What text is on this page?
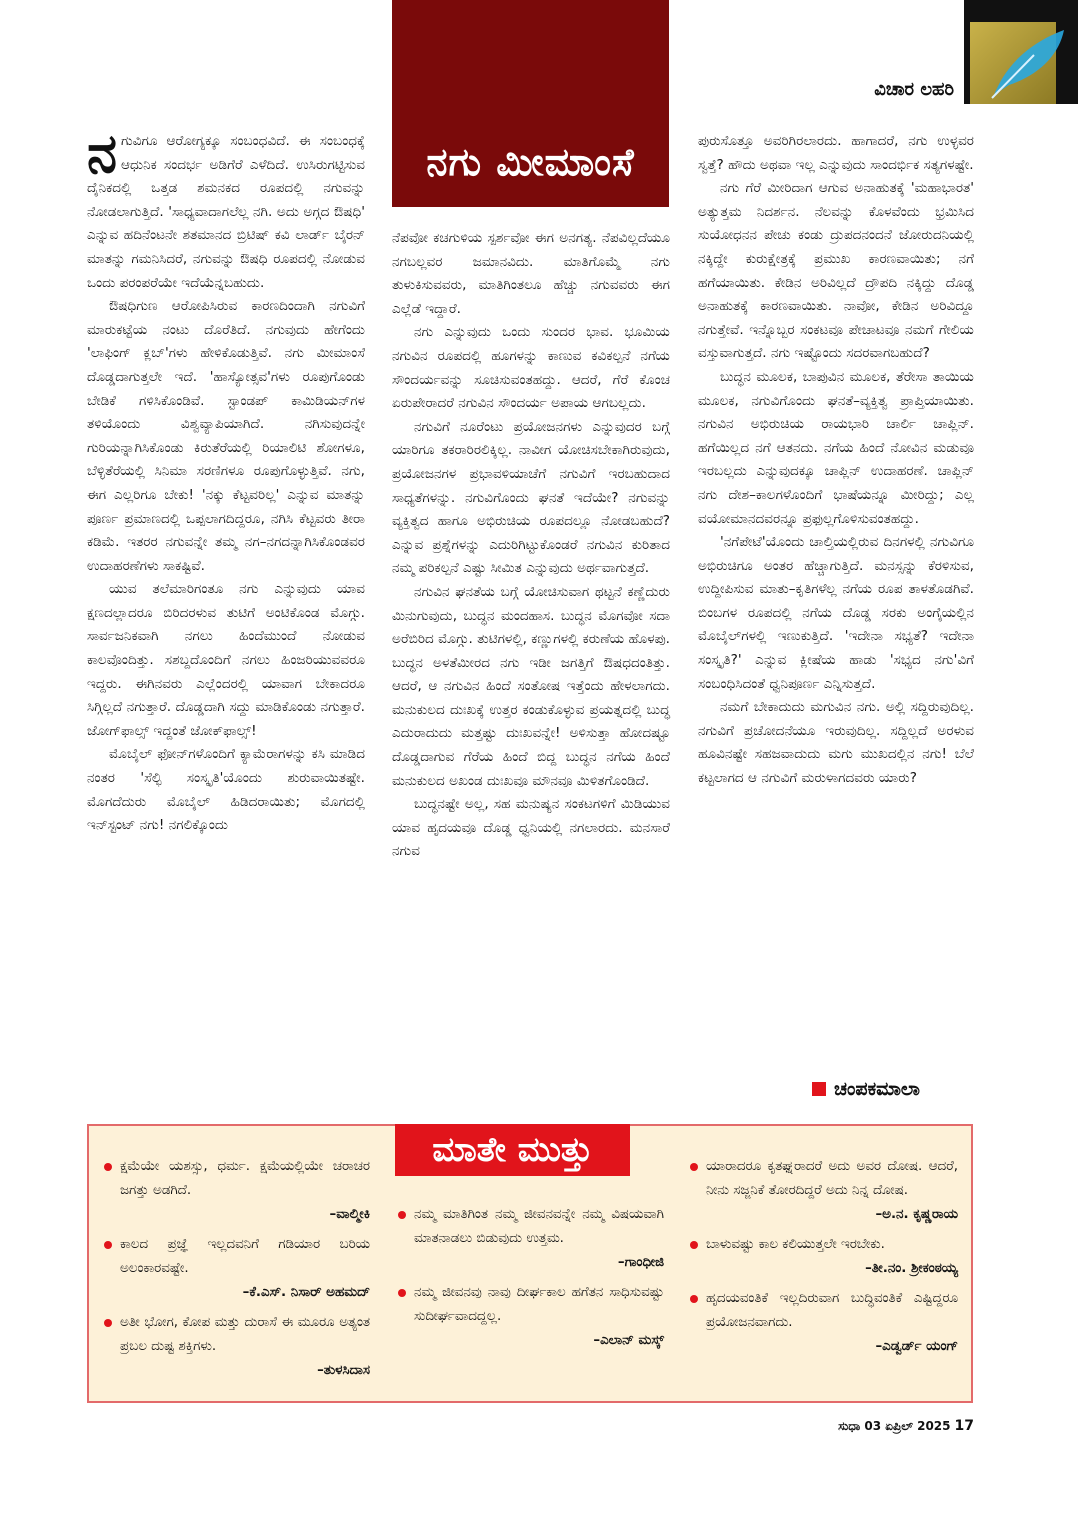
ನಗು ಮೀಮಾಂಸೆ
ವಿಚಾರ ಲಹರಿ

ನಗುವಿಗೂ ಆರೋಗ್ಯಕ್ಕೂ ಸಂಬಂಧವಿದೆ. ಈ ಸಂಬಂಧಕ್ಕೆ ಆಧುನಿಕ ಸಂದರ್ಭ ಅಡಿಗೆರೆ ಎಳೆದಿದೆ. ಉಸಿರುಗಟ್ಟಿಸುವ ದೈನಿಕದಲ್ಲಿ ಒತ್ತಡ ಶಮನಕದ ರೂಪದಲ್ಲಿ ನಗುವನ್ನು ನೋಡಲಾಗುತ್ತಿದೆ. 'ಸಾಧ್ಯವಾದಾಗಲೆಲ್ಲ ನಗಿ. ಅದು ಅಗ್ಗದ ಔಷಧಿ' ಎನ್ನುವ ಹದಿನೆಂಟನೇ ಶತಮಾನದ ಬ್ರಿಟಿಷ್ ಕವಿ ಲಾರ್ಡ್ ಬೈರನ್ ಮಾತನ್ನು ಗಮನಿಸಿದರೆ, ನಗುವನ್ನು ಔಷಧಿ ರೂಪದಲ್ಲಿ ನೋಡುವ ಒಂದು ಪರಂಪರೆಯೇ ಇದೆಯೆನ್ನಬಹುದು.

ಔಷಧಿಗುಣ ಆರೋಪಿಸಿರುವ ಕಾರಣದಿಂದಾಗಿ ನಗುವಿಗೆ ಮಾರುಕಟ್ಟೆಯ ನಂಟು ದೊರೆತಿದೆ. ನಗುವುದು ಹೇಗೆಂದು 'ಲಾಫಿಂಗ್ ಕ್ಲಬ್'ಗಳು ಹೇಳಿಕೊಡುತ್ತಿವೆ. ನಗು ಮೀಮಾಂಸೆ ದೊಡ್ಡದಾಗುತ್ತಲೇ ಇದೆ. 'ಹಾಸ್ಯೋತ್ಸವ'ಗಳು ರೂಪುಗೊಂಡು ಬೇಡಿಕೆ ಗಳಿಸಿಕೊಂಡಿವೆ. ಸ್ಟಾಂಡಪ್ ಕಾಮಿಡಿಯನ್‌ಗಳ ತಳಿಯೊಂದು ವಿಶ್ವವ್ಯಾಪಿಯಾಗಿದೆ. ನಗಿಸುವುದನ್ನೇ ಗುರಿಯನ್ನಾಗಿಸಿಕೊಂಡು ಕಿರುತೆರೆಯಲ್ಲಿ ರಿಯಾಲಿಟಿ ಶೋಗಳೂ, ಬೆಳ್ಳಿತೆರೆಯಲ್ಲಿ ಸಿನಿಮಾ ಸರಣಿಗಳೂ ರೂಪುಗೊಳ್ಳುತ್ತಿವೆ. ನಗು, ಈಗ ಎಲ್ಲರಿಗೂ ಬೇಕು! 'ನಕ್ಕು ಕೆಟ್ಟವರಿಲ್ಲ' ಎನ್ನುವ ಮಾತನ್ನು ಪೂರ್ಣ ಪ್ರಮಾಣದಲ್ಲಿ ಒಪ್ಪಲಾಗದಿದ್ದರೂ, ನಗಿಸಿ ಕೆಟ್ಟವರು ತೀರಾ ಕಡಿಮೆ. ಇತರರ ನಗುವನ್ನೇ ತಮ್ಮ ನಗ–ನಗದನ್ನಾಗಿಸಿಕೊಂಡವರ ಉದಾಹರಣೆಗಳು ಸಾಕಷ್ಟಿವೆ.

ಯುವ ತಲೆಮಾರಿಗಂತೂ ನಗು ಎನ್ನುವುದು ಯಾವ ಕ್ಷಣದಲ್ಲಾದರೂ ಬಿರಿದರಳುವ ತುಟಿಗೆ ಅಂಟಿಕೊಂಡ ಮೊಗ್ಗು. ಸಾರ್ವಜನಿಕವಾಗಿ ನಗಲು ಹಿಂದೆಮುಂದೆ ನೋಡುವ ಕಾಲವೊಂದಿತ್ತು. ಸಶಬ್ದದೊಂದಿಗೆ ನಗಲು ಹಿಂಜರಿಯುವವರೂ ಇದ್ದರು. ಈಗಿನವರು ಎಲ್ಲೆಂದರಲ್ಲಿ ಯಾವಾಗ ಬೇಕಾದರೂ ಸಿಗ್ಗಿಲ್ಲದೆ ನಗುತ್ತಾರೆ. ದೊಡ್ಡದಾಗಿ ಸದ್ದು ಮಾಡಿಕೊಂಡು ನಗುತ್ತಾರೆ. ಜೋಗ್‌ಫಾಲ್ಸ್ ಇದ್ದಂತೆ ಜೋಕ್‌ಫಾಲ್ಸ್!

ಮೊಬೈಲ್ ಫೋನ್‌ಗಳೊಂದಿಗೆ ಕ್ಯಾಮೆರಾಗಳನ್ನು ಕಸಿ ಮಾಡಿದ ನಂತರ 'ಸೆಲ್ಫಿ ಸಂಸ್ಕೃತಿ'ಯೊಂದು ಶುರುವಾಯಿತಷ್ಟೇ. ಮೊಗದೆದುರು ಮೊಬೈಲ್ ಹಿಡಿದರಾಯಿತು; ಮೊಗದಲ್ಲಿ ಇನ್‌ಸ್ಟಂಟ್ ನಗು! ನಗಲಿಕ್ಕೊಂದು

ನೆಪವೋ ಕಚಗುಳಿಯ ಸ್ಪರ್ಶವೋ ಈಗ ಅನಗತ್ಯ. ನೆಪವಿಲ್ಲದೆಯೂ ನಗಬಲ್ಲವರ ಜಮಾನವಿದು. ಮಾತಿಗೊಮ್ಮೆ ನಗು ತುಳುಕಿಸುವವರು, ಮಾತಿಗಿಂತಲೂ ಹೆಚ್ಚು ನಗುವವರು ಈಗ ಎಲ್ಲೆಡೆ ಇದ್ದಾರೆ.

ನಗು ಎನ್ನುವುದು ಒಂದು ಸುಂದರ ಭಾವ. ಭೂಮಿಯ ನಗುವಿನ ರೂಪದಲ್ಲಿ ಹೂಗಳನ್ನು ಕಾಣುವ ಕವಿಕಲ್ಪನೆ ನಗೆಯ ಸೌಂದರ್ಯವನ್ನು ಸೂಚಿಸುವಂತಹದ್ದು. ಆದರೆ, ಗೆರೆ ಕೊಂಚ ಏರುಪೇರಾದರೆ ನಗುವಿನ ಸೌಂದರ್ಯ ಅಪಾಯ ಆಗಬಲ್ಲದು.

ನಗುವಿಗೆ ನೂರೆಂಟು ಪ್ರಯೋಜನಗಳು ಎನ್ನುವುದರ ಬಗ್ಗೆ ಯಾರಿಗೂ ತಕರಾರಿರಲಿಕ್ಕಿಲ್ಲ. ನಾವೀಗ ಯೋಚಿಸಬೇಕಾಗಿರುವುದು, ಪ್ರಯೋಜನಗಳ ಪ್ರಭಾವಳಿಯಾಚೆಗೆ ನಗುವಿಗೆ ಇರಬಹುದಾದ ಸಾಧ್ಯತೆಗಳನ್ನು. ನಗುವಿಗೊಂದು ಘನತೆ ಇದೆಯೇ? ನಗುವನ್ನು ವ್ಯಕ್ತಿತ್ವದ ಹಾಗೂ ಅಭಿರುಚಿಯ ರೂಪದಲ್ಲೂ ನೋಡಬಹುದೆ? ಎನ್ನುವ ಪ್ರಶ್ನೆಗಳನ್ನು ಎದುರಿಗಿಟ್ಟುಕೊಂಡರೆ ನಗುವಿನ ಕುರಿತಾದ ನಮ್ಮ ಪರಿಕಲ್ಪನೆ ಎಷ್ಟು ಸೀಮಿತ ಎನ್ನುವುದು ಅರ್ಥವಾಗುತ್ತದೆ.

ನಗುವಿನ ಘನತೆಯ ಬಗ್ಗೆ ಯೋಚಿಸುವಾಗ ಥಟ್ಟನೆ ಕಣ್ಣೆದುರು ಮಿನುಗುವುದು, ಬುದ್ಧನ ಮಂದಹಾಸ. ಬುದ್ಧನ ಮೊಗವೋ ಸದಾ ಅರೆಬಿರಿದ ಮೊಗ್ಗು. ತುಟಿಗಳಲ್ಲಿ, ಕಣ್ಣುಗಳಲ್ಲಿ ಕರುಣೆಯ ಹೊಳಪು. ಬುದ್ಧನ ಅಳತೆಮೀರದ ನಗು ಇಡೀ ಜಗತ್ತಿಗೆ ಔಷಧದಂತಿತ್ತು. ಆದರೆ, ಆ ನಗುವಿನ ಹಿಂದೆ ಸಂತೋಷ ಇತ್ತೆಂದು ಹೇಳಲಾಗದು. ಮನುಕುಲದ ದುಃಖಕ್ಕೆ ಉತ್ತರ ಕಂಡುಕೊಳ್ಳುವ ಪ್ರಯತ್ನದಲ್ಲಿ ಬುದ್ಧ ಎದುರಾದುದು ಮತ್ತಷ್ಟು ದುಃಖವನ್ನೇ! ಅಳಿಸುತ್ತಾ ಹೋದಷ್ಟೂ ದೊಡ್ಡದಾಗುವ ಗೆರೆಯ ಹಿಂದೆ ಬಿದ್ದ ಬುದ್ಧನ ನಗೆಯ ಹಿಂದೆ ಮನುಕುಲದ ಅಖಂಡ ದುಃಖವೂ ಮೌನವೂ ಮಿಳಿತಗೊಂಡಿದೆ.

ಬುದ್ಧನಷ್ಟೇ ಅಲ್ಲ, ಸಹ ಮನುಷ್ಯನ ಸಂಕಟಗಳಿಗೆ ಮಿಡಿಯುವ ಯಾವ ಹೃದಯವೂ ದೊಡ್ಡ ಧ್ವನಿಯಲ್ಲಿ ನಗಲಾರದು. ಮನಸಾರೆ ನಗುವ

ಪುರುಸೊತ್ತೂ ಅವರಿಗಿರಲಾರದು. ಹಾಗಾದರೆ, ನಗು ಉಳ್ಳವರ ಸ್ವತ್ತೆ? ಹೌದು ಅಥವಾ ಇಲ್ಲ ಎನ್ನುವುದು ಸಾಂದರ್ಭಿಕ ಸತ್ಯಗಳಷ್ಟೇ.

ನಗು ಗೆರೆ ಮೀರಿದಾಗ ಆಗುವ ಅನಾಹುತಕ್ಕೆ 'ಮಹಾಭಾರತ' ಅತ್ಯುತ್ತಮ ನಿದರ್ಶನ. ನೆಲವನ್ನು ಕೊಳವೆಂದು ಭ್ರಮಿಸಿದ ಸುಯೋಧನನ ಪೇಚು ಕಂಡು ದ್ರುಪದನಂದನೆ ಜೋರುದನಿಯಲ್ಲಿ ನಕ್ಕಿದ್ದೇ ಕುರುಕ್ಷೇತ್ರಕ್ಕೆ ಪ್ರಮುಖ ಕಾರಣವಾಯಿತು; ನಗೆ ಹಗೆಯಾಯಿತು. ಕೇಡಿನ ಅರಿವಿಲ್ಲದೆ ದ್ರೌಪದಿ ನಕ್ಕಿದ್ದು ದೊಡ್ಡ ಅನಾಹುತಕ್ಕೆ ಕಾರಣವಾಯಿತು. ನಾವೋ, ಕೇಡಿನ ಅರಿವಿದ್ದೂ ನಗುತ್ತೇವೆ. ಇನ್ನೊಬ್ಬರ ಸಂಕಟವೂ ಪೇಚಾಟವೂ ನಮಗೆ ಗೇಲಿಯ ವಸ್ತುವಾಗುತ್ತದೆ. ನಗು ಇಷ್ಟೊಂದು ಸದರವಾಗಬಹುದೆ?

ಬುದ್ಧನ ಮೂಲಕ, ಬಾಪುವಿನ ಮೂಲಕ, ತೆರೇಸಾ ತಾಯಿಯ ಮೂಲಕ, ನಗುವಿಗೊಂದು ಘನತೆ–ವ್ಯಕ್ತಿತ್ವ ಪ್ರಾಪ್ತಿಯಾಯಿತು. ನಗುವಿನ ಅಭಿರುಚಿಯ ರಾಯಭಾರಿ ಚಾರ್ಲಿ ಚಾಪ್ಲಿನ್. ಹಗೆಯಿಲ್ಲದ ನಗೆ ಆತನದು. ನಗೆಯ ಹಿಂದೆ ನೋವಿನ ಮಡುವೂ ಇರಬಲ್ಲದು ಎನ್ನುವುದಕ್ಕೂ ಚಾಪ್ಲಿನ್ ಉದಾಹರಣೆ. ಚಾಪ್ಲಿನ್ ನಗು ದೇಶ–ಕಾಲಗಳೊಂದಿಗೆ ಭಾಷೆಯನ್ನೂ ಮೀರಿದ್ದು; ಎಲ್ಲ ವಯೋಮಾನದವರನ್ನೂ ಪ್ರಫುಲ್ಲಗೊಳಿಸುವಂತಹದ್ದು.

'ನಗೆಪೇಟೆ'ಯೊಂದು ಚಾಲ್ತಿಯಲ್ಲಿರುವ ದಿನಗಳಲ್ಲಿ ನಗುವಿಗೂ ಅಭಿರುಚಿಗೂ ಅಂತರ ಹೆಚ್ಚಾಗುತ್ತಿದೆ. ಮನಸ್ಸನ್ನು ಕೆರಳಿಸುವ, ಉದ್ದೀಪಿಸುವ ಮಾತು–ಕೃತಿಗಳೆಲ್ಲ ನಗೆಯ ರೂಪ ತಾಳತೊಡಗಿವೆ. ಬಿಂಬಗಳ ರೂಪದಲ್ಲಿ ನಗೆಯ ದೊಡ್ಡ ಸರಕು ಅಂಗೈಯಲ್ಲಿನ ಮೊಬೈಲ್‌ಗಳಲ್ಲಿ ಇಣುಕುತ್ತಿದೆ. 'ಇದೇನಾ ಸಭ್ಯತೆ? ಇದೇನಾ ಸಂಸ್ಕೃತಿ?' ಎನ್ನುವ ಕ್ಲೀಷೆಯ ಹಾಡು 'ಸಭ್ಯದ ನಗು'ವಿಗೆ ಸಂಬಂಧಿಸಿದಂತೆ ಧ್ವನಿಪೂರ್ಣ ಎನ್ನಿಸುತ್ತದೆ.

ನಮಗೆ ಬೇಕಾದುದು ಮಗುವಿನ ನಗು. ಅಲ್ಲಿ ಸದ್ದಿರುವುದಿಲ್ಲ. ನಗುವಿಗೆ ಪ್ರಚೋದನೆಯೂ ಇರುವುದಿಲ್ಲ. ಸದ್ದಿಲ್ಲದೆ ಅರಳುವ ಹೂವಿನಷ್ಟೇ ಸಹಜವಾದುದು ಮಗು ಮುಖದಲ್ಲಿನ ನಗು! ಬೆಲೆ ಕಟ್ಟಲಾಗದ ಆ ನಗುವಿಗೆ ಮರುಳಾಗದವರು ಯಾರು?

ಚಂಪಕಮಾಲಾ
ಮಾತೇ ಮುತ್ತು
ಕ್ಷಮೆಯೇ ಯಶಸ್ಸು, ಧರ್ಮ. ಕ್ಷಮೆಯಲ್ಲಿಯೇ ಚರಾಚರ ಜಗತ್ತು ಅಡಗಿದೆ.
–ವಾಲ್ಮೀಕಿ
ಕಾಲದ ಪ್ರಜ್ಞೆ ಇಲ್ಲದವನಿಗೆ ಗಡಿಯಾರ ಬರಿಯ ಅಲಂಕಾರವಷ್ಟೇ.
–ಕೆ.ಎಸ್. ನಿಸಾರ್ ಅಹಮದ್
ಅತೀ ಭೋಗ, ಕೋಪ ಮತ್ತು ದುರಾಸೆ ಈ ಮೂರೂ ಅತ್ಯಂತ ಪ್ರಬಲ ದುಷ್ಟ ಶಕ್ತಿಗಳು.
–ತುಳಸಿದಾಸ
ನಮ್ಮ ಮಾತಿಗಿಂತ ನಮ್ಮ ಜೀವನವನ್ನೇ ನಮ್ಮ ವಿಷಯವಾಗಿ ಮಾತನಾಡಲು ಬಿಡುವುದು ಉತ್ತಮ.
–ಗಾಂಧೀಜಿ
ನಮ್ಮ ಜೀವನವು ನಾವು ದೀರ್ಘಕಾಲ ಹಗೆತನ ಸಾಧಿಸುವಷ್ಟು ಸುದೀರ್ಘವಾದದ್ದಲ್ಲ.
–ಎಲಾನ್ ಮಸ್ಕ್
ಯಾರಾದರೂ ಕೃತಘ್ನರಾದರೆ ಅದು ಅವರ ದೋಷ. ಆದರೆ, ನೀನು ಸಜ್ಜನಿಕೆ ತೋರದಿದ್ದರೆ ಅದು ನಿನ್ನ ದೋಷ.
–ಅ.ನ. ಕೃಷ್ಣರಾಯ
ಬಾಳುವಷ್ಟು ಕಾಲ ಕಲಿಯುತ್ತಲೇ ಇರಬೇಕು.
–ತೀ.ನಂ. ಶ್ರೀಕಂಠಯ್ಯ
ಹೃದಯವಂತಿಕೆ ಇಲ್ಲದಿರುವಾಗ ಬುದ್ಧಿವಂತಿಕೆ ಎಷ್ಟಿದ್ದರೂ ಪ್ರಯೋಜನವಾಗದು.
–ಎಡ್ವರ್ಡ್ ಯಂಗ್
ಸುಧಾ 03 ಏಪ್ರಿಲ್ 2025 17
